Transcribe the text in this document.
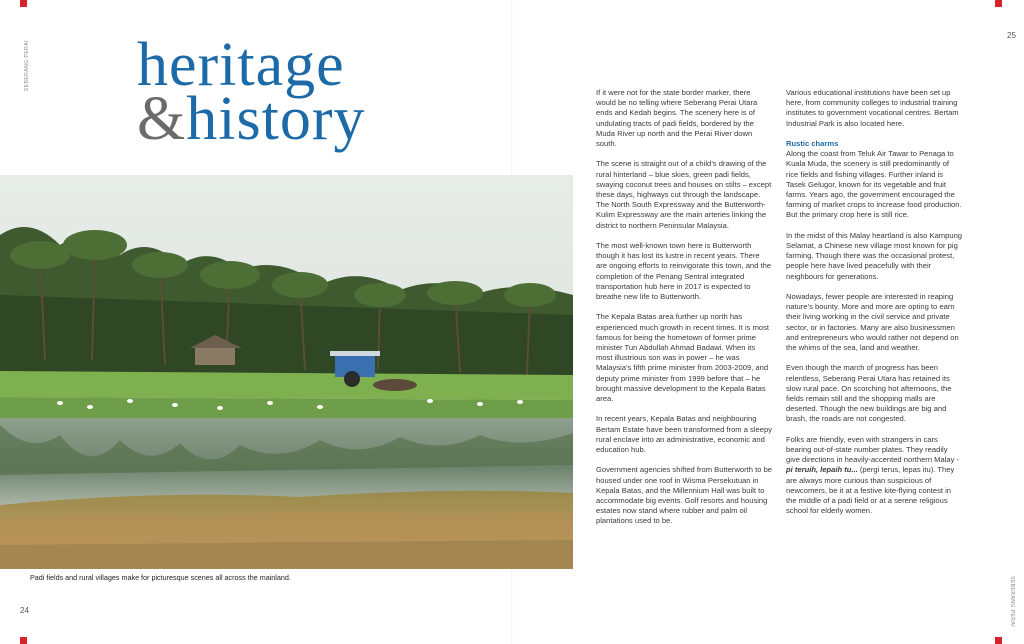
SEBERANG PERAI
SEBERANG PERAI
24
25
heritage
&history
Padi fields and rural villages make for picturesque scenes all across the mainland.

If it were not for the state border marker, there would be no telling where Seberang Perai Utara ends and Kedah begins. The scenery here is of undulating tracts of padi fields, bordered by the Muda River up north and the Perai River down south.

The scene is straight out of a child’s drawing of the rural hinterland – blue skies, green padi fields, swaying coconut trees and houses on stilts – except these days, highways cut through the landscape. The North South Expressway and the Butterworth-Kulim Expressway are the main arteries linking the district to northern Peninsular Malaysia.

The most well-known town here is Butterworth though it has lost its lustre in recent years. There are ongoing efforts to reinvigorate this town, and the completion of the Penang Sentral integrated transportation hub here in 2017 is expected to breathe new life to Butterworth.

The Kepala Batas area further up north has experienced much growth in recent times. It is most famous for being the hometown of former prime minister Tun Abdullah Ahmad Badawi. When its most illustrious son was in power – he was Malaysia’s fifth prime minister from 2003-2009, and deputy prime minister from 1999 before that – he brought massive development to the Kepala Batas area.

In recent years, Kepala Batas and neighbouring Bertam Estate have been transformed from a sleepy rural enclave into an administrative, economic and education hub.

Government agencies shifted from Butterworth to be housed under one roof in Wisma Persekutuan in Kepala Batas, and the Millennium Hall was built to accommodate big events. Golf resorts and housing estates now stand where rubber and palm oil plantations used to be.

Various educational institutions have been set up here, from community colleges to industrial training institutes to government vocational centres. Bertam Industrial Park is also located here.

Rustic charms

Along the coast from Teluk Air Tawar to Penaga to Kuala Muda, the scenery is still predominantly of rice fields and fishing villages. Further inland is Tasek Gelugor, known for its vegetable and fruit farms. Years ago, the government encouraged the farming of market crops to increase food production.

But the primary crop here is still rice.

In the midst of this Malay heartland is also Kampung Selamat, a Chinese new village most known for pig farming. Though there was the occasional protest, people here have lived peacefully with their neighbours for generations.

Nowadays, fewer people are interested in reaping nature’s bounty. More and more are opting to earn their living working in the civil service and private sector, or in factories. Many are also businessmen and entrepreneurs who would rather not depend on the whims of the sea, land and weather.

Even though the march of progress has been relentless, Seberang Perai Utara has retained its slow rural pace. On scorching hot afternoons, the fields remain still and the shopping malls are deserted. Though the new buildings are big and brash, the roads are not congested.

Folks are friendly, even with strangers in cars bearing out-of-state number plates. They readily give directions in heavily-accented northern Malay - pi teruih, lepaih tu... (pergi terus, lepas itu). They are always more curious than suspicious of newcomers, be it at a festive kite-flying contest in the middle of a padi field or at a serene religious school for elderly women.
